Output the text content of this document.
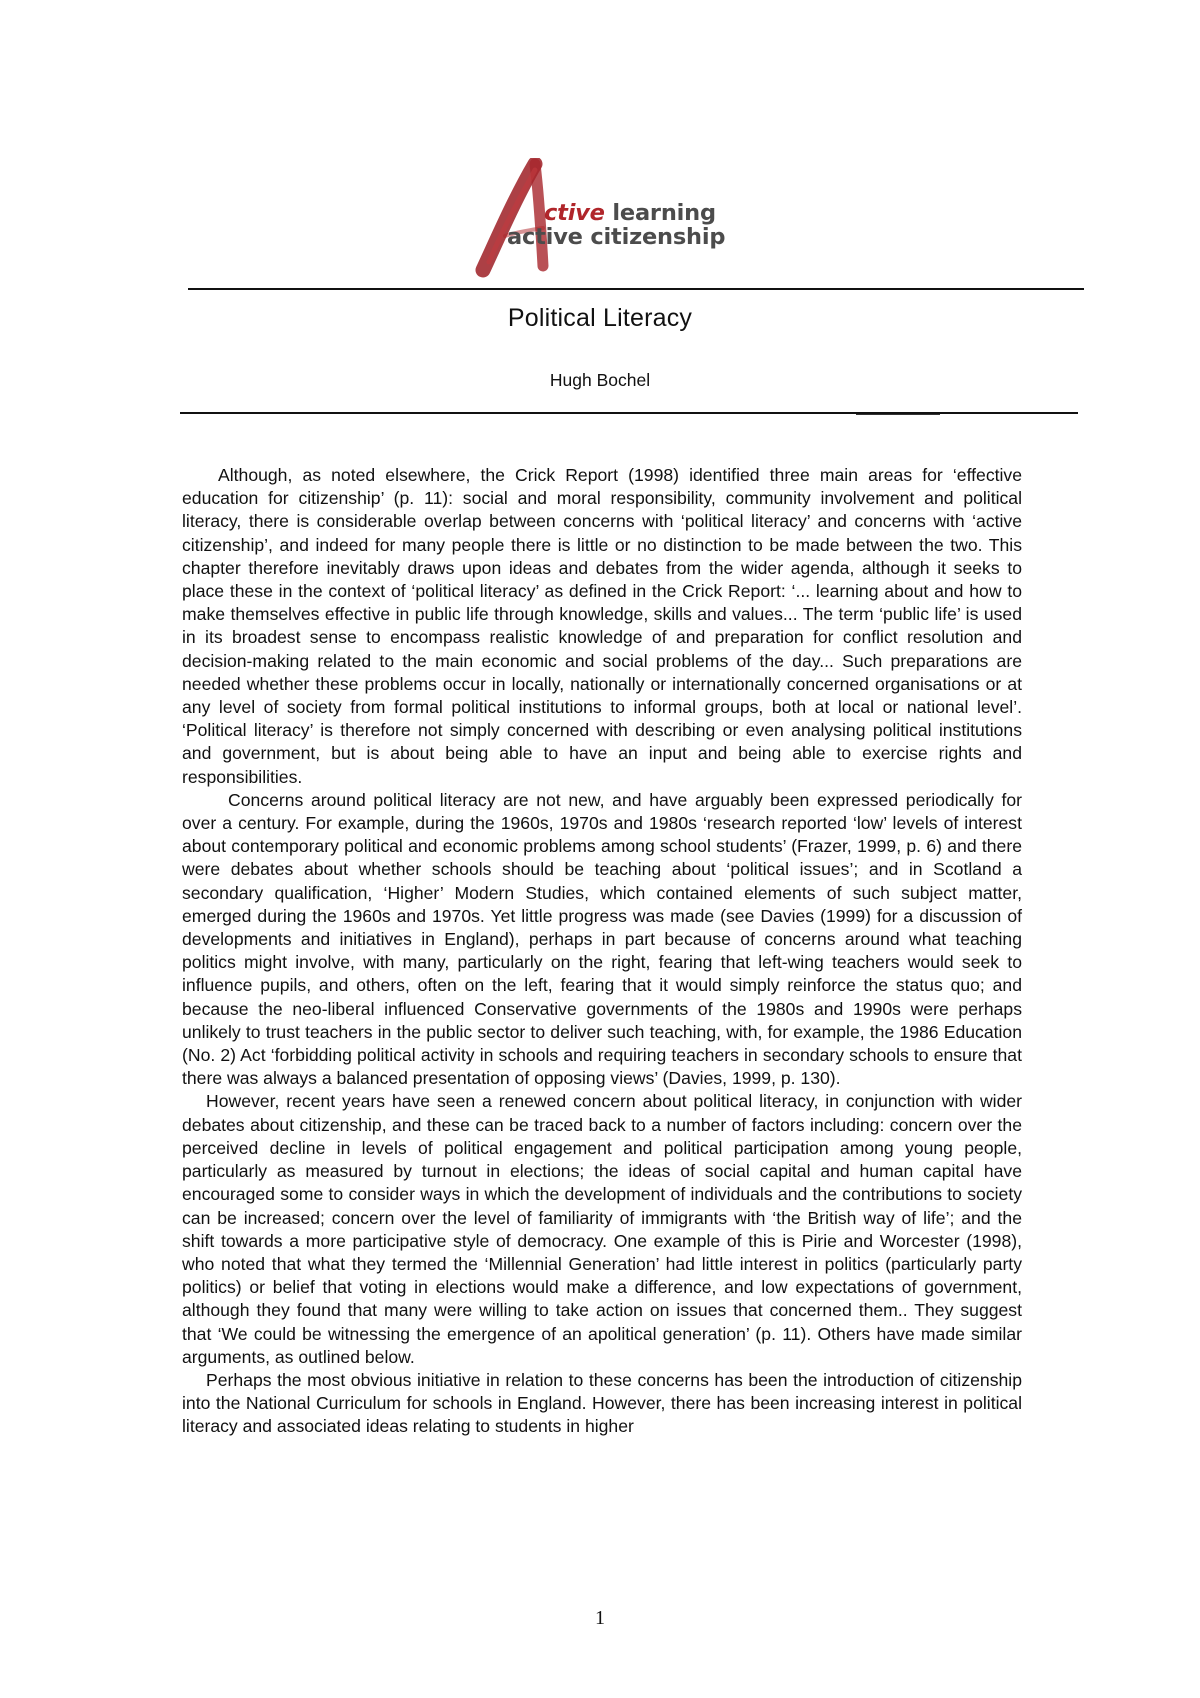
ctive learning
active citizenship
Political Literacy
Hugh Bochel

Although, as noted elsewhere, the Crick Report (1998) identified three main areas for ‘effective education for citizenship’ (p. 11): social and moral responsibility, community involvement and political literacy, there is considerable overlap between concerns with ‘political literacy’ and concerns with ‘active citizenship’, and indeed for many people there is little or no distinction to be made between the two. This chapter therefore inevitably draws upon ideas and debates from the wider agenda, although it seeks to place these in the context of ‘political literacy’ as defined in the Crick Report: ‘... learning about and how to make themselves effective in public life through knowledge, skills and values... The term ‘public life’ is used in its broadest sense to encompass realistic knowledge of and preparation for conflict resolution and decision-making related to the main economic and social problems of the day... Such preparations are needed whether these problems occur in locally, nationally or internationally concerned organisations or at any level of society from formal political institutions to informal groups, both at local or national level’. ‘Political literacy’ is therefore not simply concerned with describing or even analysing political institutions and government, but is about being able to have an input and being able to exercise rights and responsibilities.

Concerns around political literacy are not new, and have arguably been expressed periodically for over a century. For example, during the 1960s, 1970s and 1980s ‘research reported ‘low’ levels of interest about contemporary political and economic problems among school students’ (Frazer, 1999, p. 6) and there were debates about whether schools should be teaching about ‘political issues’; and in Scotland a secondary qualification, ‘Higher’ Modern Studies, which contained elements of such subject matter, emerged during the 1960s and 1970s. Yet little progress was made (see Davies (1999) for a discussion of developments and initiatives in England), perhaps in part because of concerns around what teaching politics might involve, with many, particularly on the right, fearing that left-wing teachers would seek to influence pupils, and others, often on the left, fearing that it would simply reinforce the status quo; and because the neo-liberal influenced Conservative governments of the 1980s and 1990s were perhaps unlikely to trust teachers in the public sector to deliver such teaching, with, for example, the 1986 Education (No. 2) Act ‘forbidding political activity in schools and requiring teachers in secondary schools to ensure that there was always a balanced presentation of opposing views’ (Davies, 1999, p. 130).

However, recent years have seen a renewed concern about political literacy, in conjunction with wider debates about citizenship, and these can be traced back to a number of factors including: concern over the perceived decline in levels of political engagement and political participation among young people, particularly as measured by turnout in elections; the ideas of social capital and human capital have encouraged some to consider ways in which the development of individuals and the contributions to society can be increased; concern over the level of familiarity of immigrants with ‘the British way of life’; and the shift towards a more participative style of democracy. One example of this is Pirie and Worcester (1998), who noted that what they termed the ‘Millennial Generation’ had little interest in politics (particularly party politics) or belief that voting in elections would make a difference, and low expectations of government, although they found that many were willing to take action on issues that concerned them.. They suggest that ‘We could be witnessing the emergence of an apolitical generation’ (p. 11). Others have made similar arguments, as outlined below.

Perhaps the most obvious initiative in relation to these concerns has been the introduction of citizenship into the National Curriculum for schools in England. However, there has been increasing interest in political literacy and associated ideas relating to students in higher

1
